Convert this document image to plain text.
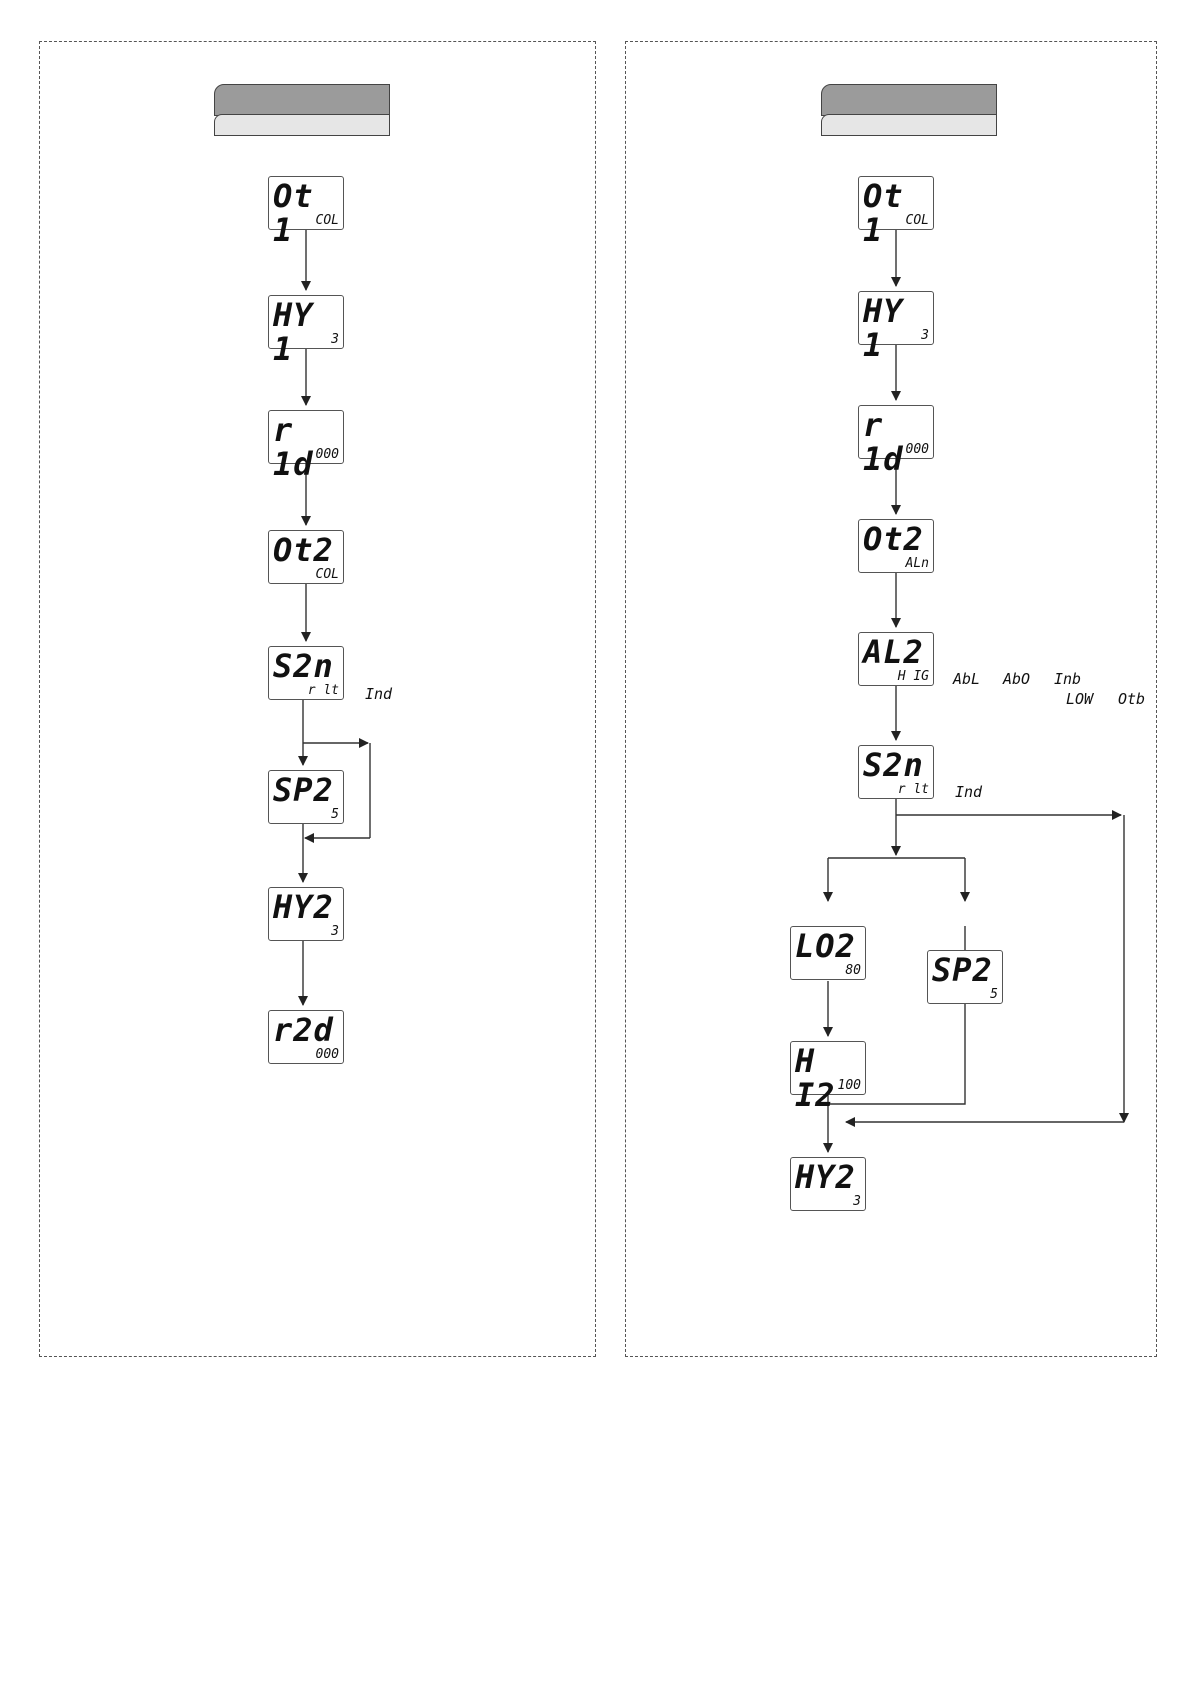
Ot 1	COL
HY 1	3
r 1d 000
Ot2
COL
S2n
r lt Ind
SP2
5
HY2
3
r2d
000
Ot 1	COL
HY 1	3
r 1d 000
Ot2
ALn
AL2
H IG AbL AbO Inb
LOW Otb
S2n
r lt Ind
LO2
80 SP2
5
H I2 100
HY2
3
